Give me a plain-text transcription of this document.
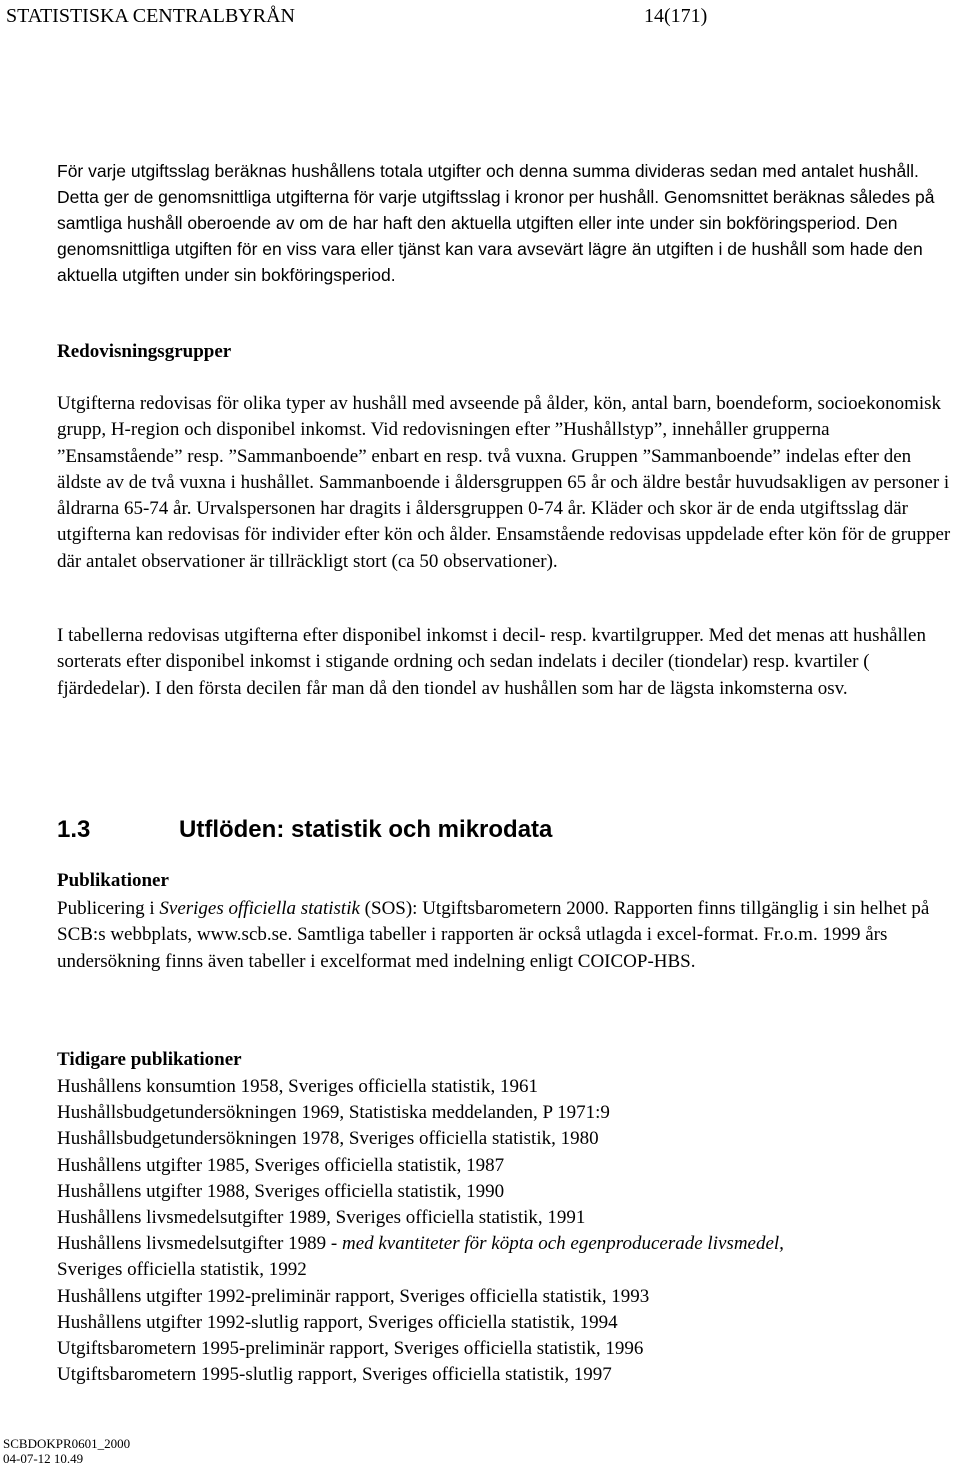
STATISTISKA CENTRALBYRÅN	14(171)

För varje utgiftsslag beräknas hushållens totala utgifter och denna summa divideras sedan med antalet hushåll. Detta ger de genomsnittliga utgifterna för varje utgiftsslag i kronor per hushåll. Genomsnittet beräknas således på samtliga hushåll oberoende av om de har haft den aktuella utgiften eller inte under sin bokföringsperiod. Den genomsnittliga utgiften för en viss vara eller tjänst kan vara avsevärt lägre än utgiften i de hushåll som hade den aktuella utgiften under sin bokföringsperiod.

Redovisningsgrupper

Utgifterna redovisas för olika typer av hushåll med avseende på ålder, kön, antal barn, boendeform, socioekonomisk grupp, H-region och disponibel inkomst. Vid redovisningen efter ”Hushållstyp”, innehåller grupperna ”Ensamstående” resp. ”Sammanboende” enbart en resp. två vuxna. Gruppen ”Sammanboende” indelas efter den äldste av de två vuxna i hushållet. Sammanboende i åldersgruppen 65 år och äldre består huvudsakligen av personer i åldrarna 65-74 år. Urvalspersonen har dragits i åldersgruppen 0-74 år. Kläder och skor är de enda utgiftsslag där utgifterna kan redovisas för individer efter kön och ålder. Ensamstående redovisas uppdelade efter kön för de grupper där antalet observationer är tillräckligt stort (ca 50 observationer).

I tabellerna redovisas utgifterna efter disponibel inkomst i decil- resp. kvartilgrupper. Med det menas att hushållen sorterats efter disponibel inkomst i stigande ordning och sedan indelats i deciler (tiondelar) resp. kvartiler ( fjärdedelar). I den första decilen får man då den tiondel av hushållen som har de lägsta inkomsterna osv.

1.3	Utflöden: statistik och mikrodata
Publikationer

Publicering i Sveriges officiella statistik (SOS): Utgiftsbarometern 2000. Rapporten finns tillgänglig i sin helhet på SCB:s webbplats, www.scb.se. Samtliga tabeller i rapporten är också utlagda i excel-format. Fr.o.m. 1999 års undersökning finns även tabeller i excelformat med indelning enligt COICOP-HBS.

Tidigare publikationer
Hushållens konsumtion 1958, Sveriges officiella statistik, 1961
Hushållsbudgetundersökningen 1969, Statistiska meddelanden, P 1971:9
Hushållsbudgetundersökningen 1978, Sveriges officiella statistik, 1980
Hushållens utgifter 1985, Sveriges officiella statistik, 1987
Hushållens utgifter 1988, Sveriges officiella statistik, 1990
Hushållens livsmedelsutgifter 1989, Sveriges officiella statistik, 1991
Hushållens livsmedelsutgifter 1989 - med kvantiteter för köpta och egenproducerade livsmedel,
Sveriges officiella statistik, 1992
Hushållens utgifter 1992-preliminär rapport, Sveriges officiella statistik, 1993
Hushållens utgifter 1992-slutlig rapport, Sveriges officiella statistik, 1994
Utgiftsbarometern 1995-preliminär rapport, Sveriges officiella statistik, 1996
Utgiftsbarometern 1995-slutlig rapport, Sveriges officiella statistik, 1997
SCBDOKPR0601_2000
04-07-12 10.49
